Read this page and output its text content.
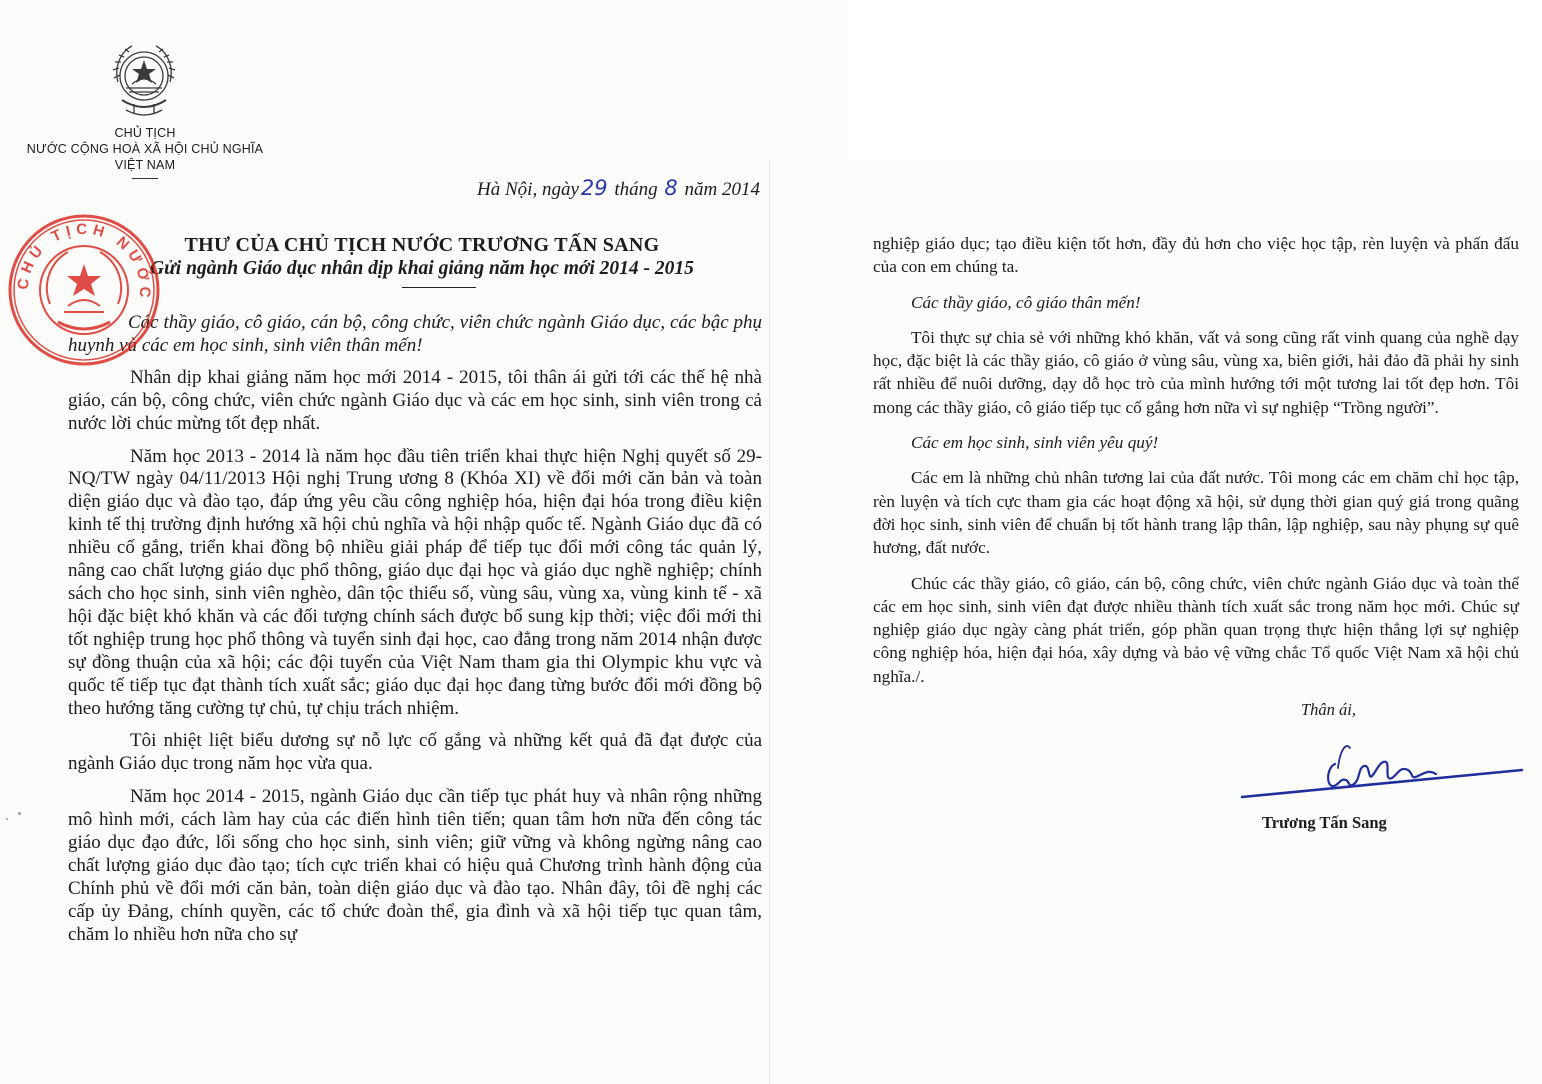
CHỦ TỊCH
NƯỚC CỘNG HOÀ XÃ HỘI CHỦ NGHĨA
VIỆT NAM
Hà Nội, ngày29 tháng 8 năm 2014
THƯ CỦA CHỦ TỊCH NƯỚC TRƯƠNG TẤN SANG
Gửi ngành Giáo dục nhân dịp khai giảng năm học mới 2014 - 2015

Các thầy giáo, cô giáo, cán bộ, công chức, viên chức ngành Giáo dục, các bậc phụ huynh và các em học sinh, sinh viên thân mến!

Nhân dịp khai giảng năm học mới 2014 - 2015, tôi thân ái gửi tới các thế hệ nhà giáo, cán bộ, công chức, viên chức ngành Giáo dục và các em học sinh, sinh viên trong cả nước lời chúc mừng tốt đẹp nhất.

Năm học 2013 - 2014 là năm học đầu tiên triển khai thực hiện Nghị quyết số 29-NQ/TW ngày 04/11/2013 Hội nghị Trung ương 8 (Khóa XI) về đổi mới căn bản và toàn diện giáo dục và đào tạo, đáp ứng yêu cầu công nghiệp hóa, hiện đại hóa trong điều kiện kinh tế thị trường định hướng xã hội chủ nghĩa và hội nhập quốc tế. Ngành Giáo dục đã có nhiều cố gắng, triển khai đồng bộ nhiều giải pháp để tiếp tục đổi mới công tác quản lý, nâng cao chất lượng giáo dục phổ thông, giáo dục đại học và giáo dục nghề nghiệp; chính sách cho học sinh, sinh viên nghèo, dân tộc thiểu số, vùng sâu, vùng xa, vùng kinh tế - xã hội đặc biệt khó khăn và các đối tượng chính sách được bổ sung kịp thời; việc đổi mới thi tốt nghiệp trung học phổ thông và tuyển sinh đại học, cao đẳng trong năm 2014 nhận được sự đồng thuận của xã hội; các đội tuyển của Việt Nam tham gia thi Olympic khu vực và quốc tế tiếp tục đạt thành tích xuất sắc; giáo dục đại học đang từng bước đổi mới đồng bộ theo hướng tăng cường tự chủ, tự chịu trách nhiệm.

Tôi nhiệt liệt biểu dương sự nỗ lực cố gắng và những kết quả đã đạt được của ngành Giáo dục trong năm học vừa qua.

Năm học 2014 - 2015, ngành Giáo dục cần tiếp tục phát huy và nhân rộng những mô hình mới, cách làm hay của các điển hình tiên tiến; quan tâm hơn nữa đến công tác giáo dục đạo đức, lối sống cho học sinh, sinh viên; giữ vững và không ngừng nâng cao chất lượng giáo dục đào tạo; tích cực triển khai có hiệu quả Chương trình hành động của Chính phủ về đổi mới căn bản, toàn diện giáo dục và đào tạo. Nhân đây, tôi đề nghị các cấp ủy Đảng, chính quyền, các tổ chức đoàn thể, gia đình và xã hội tiếp tục quan tâm, chăm lo nhiều hơn nữa cho sự

CHỦ TỊCH NƯỚC

nghiệp giáo dục; tạo điều kiện tốt hơn, đầy đủ hơn cho việc học tập, rèn luyện và phấn đấu của con em chúng ta.

Các thầy giáo, cô giáo thân mến!

Tôi thực sự chia sẻ với những khó khăn, vất vả song cũng rất vinh quang của nghề dạy học, đặc biệt là các thầy giáo, cô giáo ở vùng sâu, vùng xa, biên giới, hải đảo đã phải hy sinh rất nhiều để nuôi dưỡng, dạy dỗ học trò của mình hướng tới một tương lai tốt đẹp hơn. Tôi mong các thầy giáo, cô giáo tiếp tục cố gắng hơn nữa vì sự nghiệp “Trồng người”.

Các em học sinh, sinh viên yêu quý!

Các em là những chủ nhân tương lai của đất nước. Tôi mong các em chăm chỉ học tập, rèn luyện và tích cực tham gia các hoạt động xã hội, sử dụng thời gian quý giá trong quãng đời học sinh, sinh viên để chuẩn bị tốt hành trang lập thân, lập nghiệp, sau này phụng sự quê hương, đất nước.

Chúc các thầy giáo, cô giáo, cán bộ, công chức, viên chức ngành Giáo dục và toàn thể các em học sinh, sinh viên đạt được nhiều thành tích xuất sắc trong năm học mới. Chúc sự nghiệp giáo dục ngày càng phát triển, góp phần quan trọng thực hiện thắng lợi sự nghiệp công nghiệp hóa, hiện đại hóa, xây dựng và bảo vệ vững chắc Tổ quốc Việt Nam xã hội chủ nghĩa./.

Thân ái,
Trương Tấn Sang
